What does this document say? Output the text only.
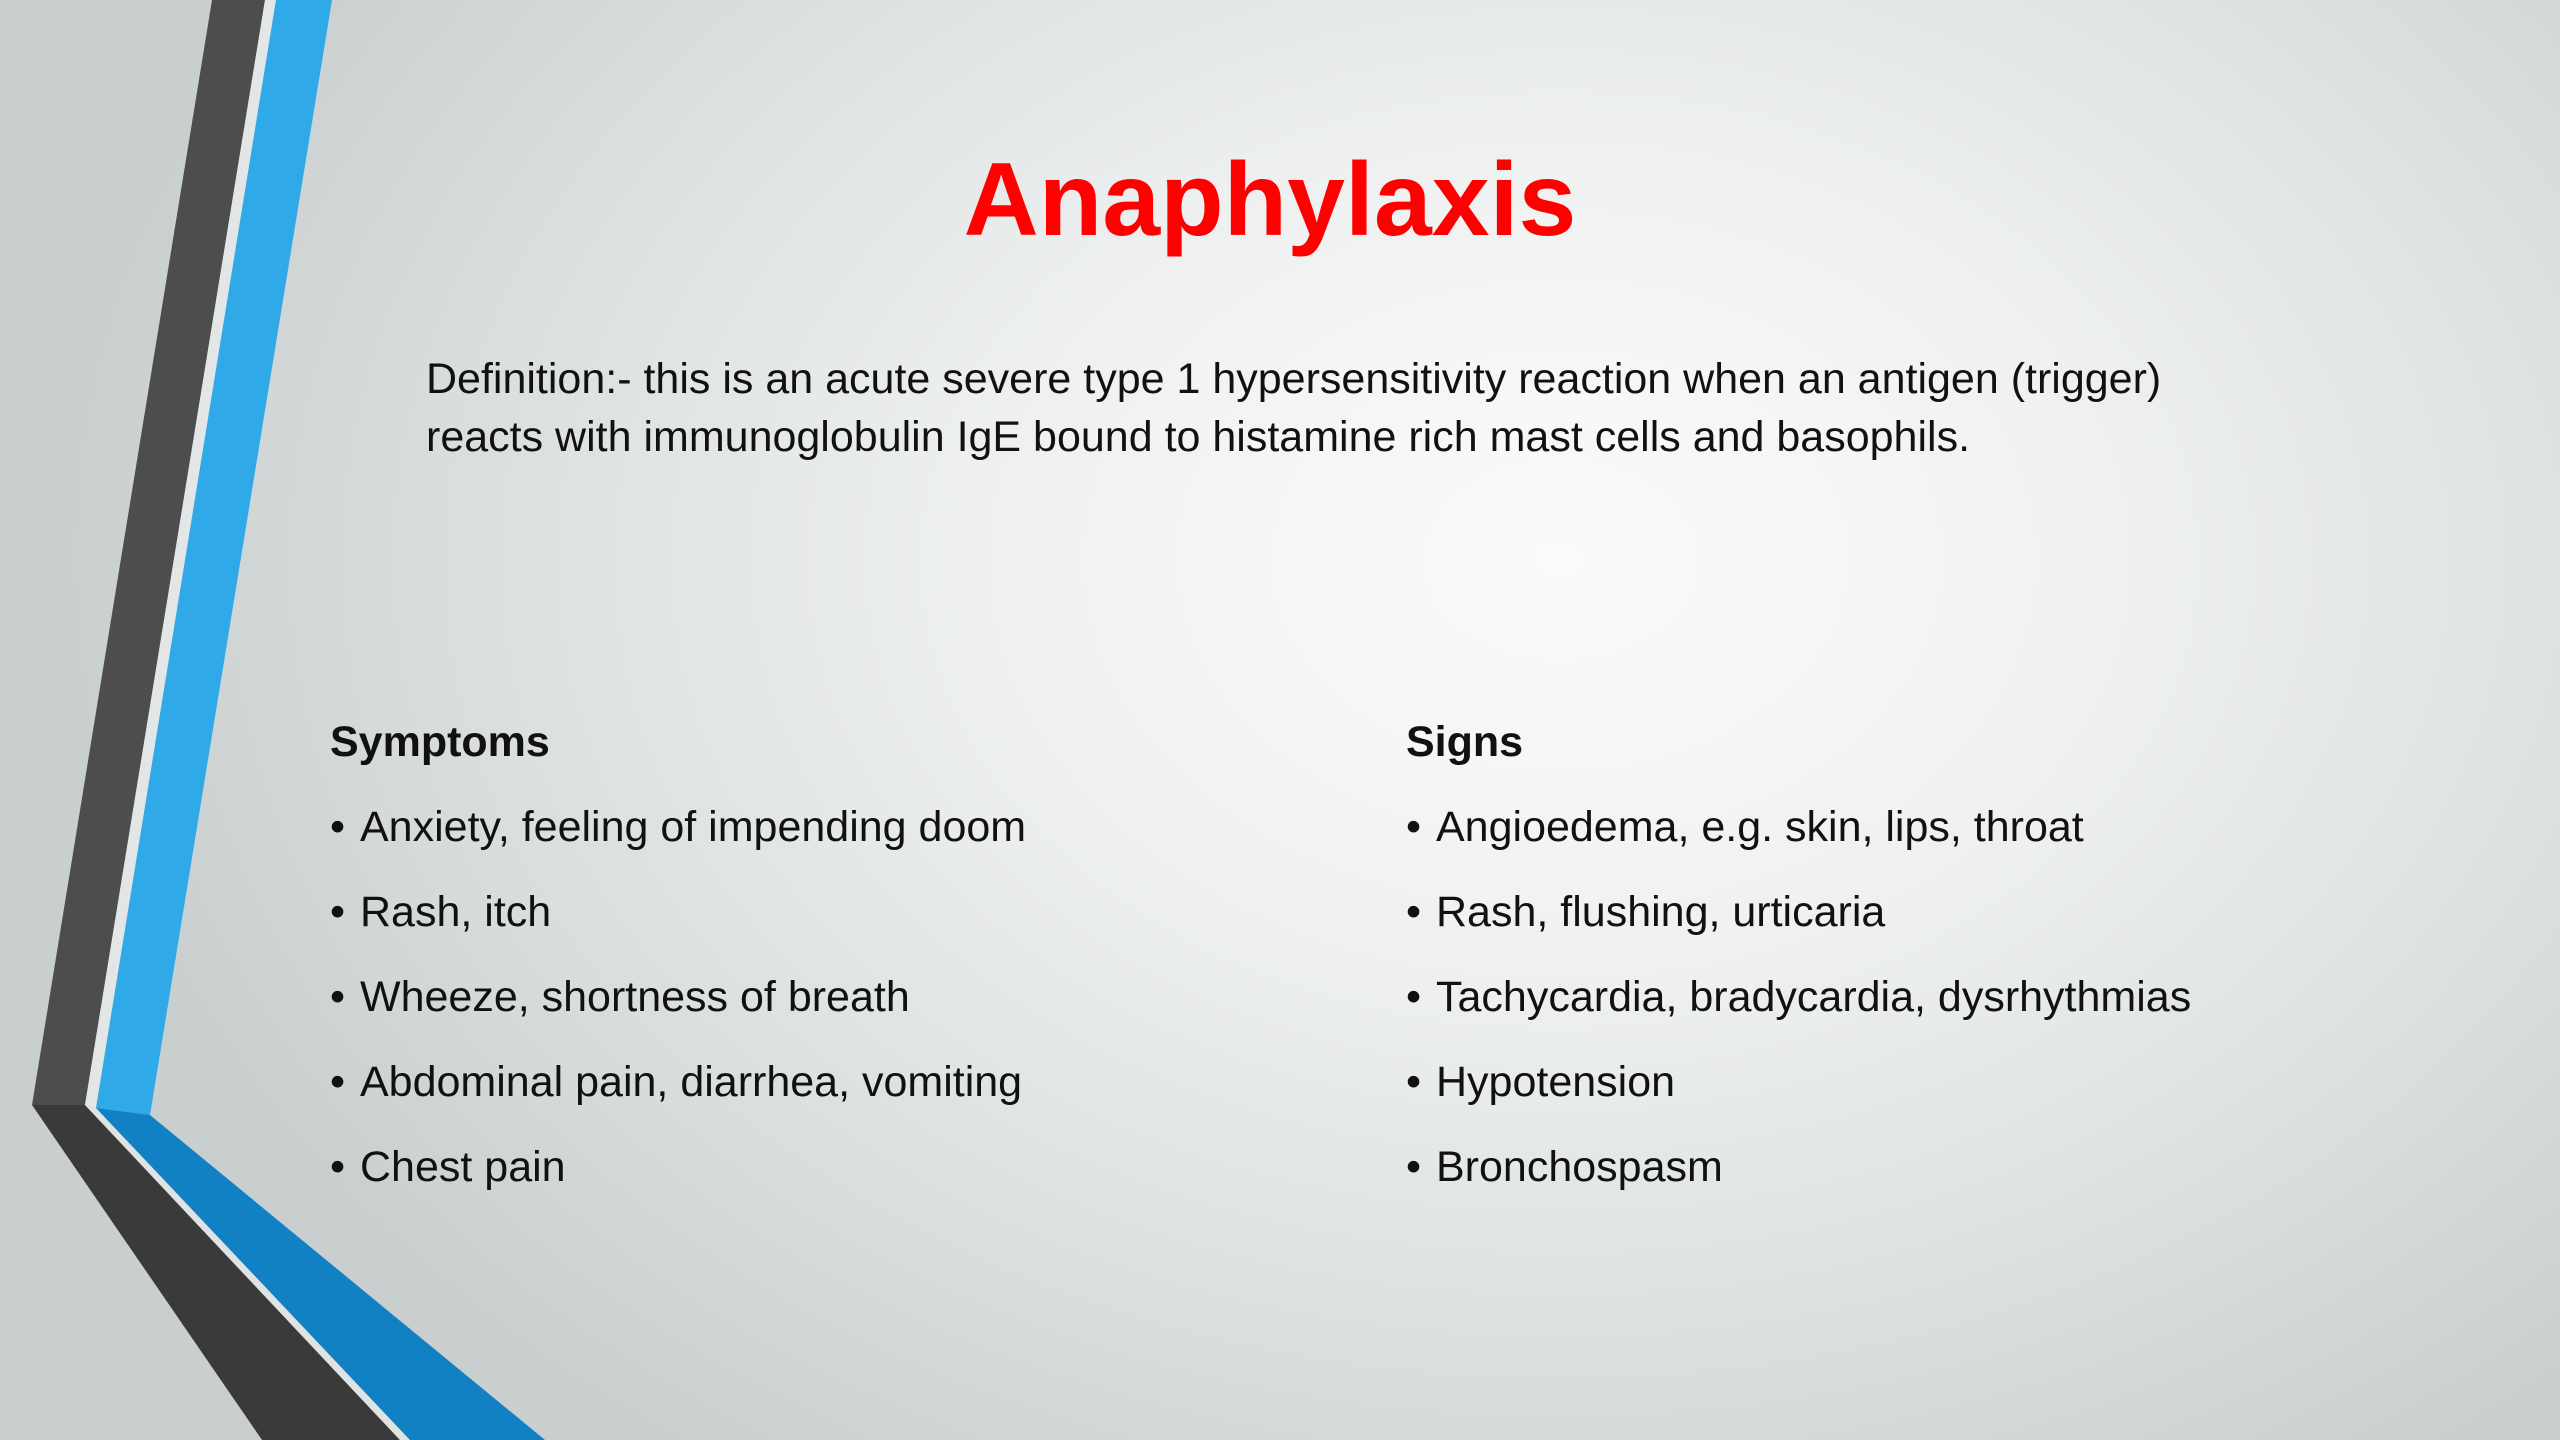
Anaphylaxis
Definition:- this is an acute severe type 1 hypersensitivity reaction when an antigen (trigger) reacts with immunoglobulin IgE bound to histamine rich mast cells and basophils.
Symptoms
• Anxiety, feeling of impending doom
• Rash, itch
• Wheeze, shortness of breath
• Abdominal pain, diarrhea, vomiting
• Chest pain
Signs
• Angioedema, e.g. skin, lips, throat
• Rash, flushing, urticaria
• Tachycardia, bradycardia, dysrhythmias
• Hypotension
• Bronchospasm
